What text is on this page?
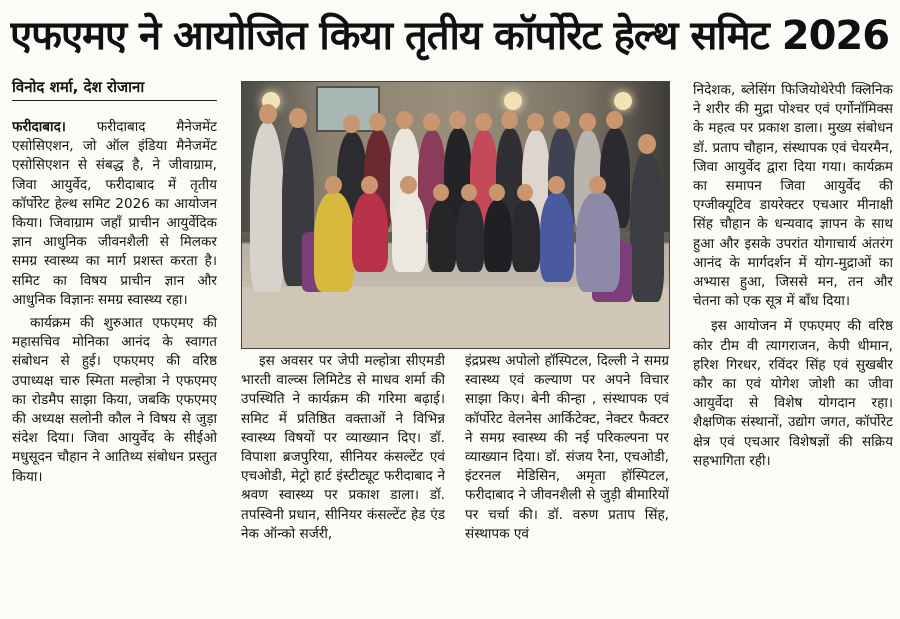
एफएमए ने आयोजित किया तृतीय कॉर्पोरेट हेल्थ समिट 2026
विनोद शर्मा, देश रोजाना

फरीदाबाद। फरीदाबाद मैनेजमेंट एसोसिएशन, जो ऑल इंडिया मैनेजमेंट एसोसिएशन से संबद्ध है, ने जीवाग्राम, जिवा आयुर्वेद, फरीदाबाद में तृतीय कॉर्पोरेट हेल्थ समिट 2026 का आयोजन किया। जिवाग्राम जहाँ प्राचीन आयुर्वेदिक ज्ञान आधुनिक जीवनशैली से मिलकर समग्र स्वास्थ्य का मार्ग प्रशस्त करता है। समिट का विषय प्राचीन ज्ञान और आधुनिक विज्ञानः समग्र स्वास्थ्य रहा।

कार्यक्रम की शुरुआत एफएमए की महासचिव मोनिका आनंद के स्वागत संबोधन से हुई। एफएमए की वरिष्ठ उपाध्यक्ष चारु स्मिता मल्होत्रा ने एफएमए का रोडमैप साझा किया, जबकि एफएमए की अध्यक्ष सलोनी कौल ने विषय से जुड़ा संदेश दिया। जिवा आयुर्वेद के सीईओ मधुसूदन चौहान ने आतिथ्य संबोधन प्रस्तुत किया।

इस अवसर पर जेपी मल्होत्रा सीएमडी भारती वाल्व्स लिमिटेड से माधव शर्मा की उपस्थिति ने कार्यक्रम की गरिमा बढ़ाई। समिट में प्रतिष्ठित वक्ताओं ने विभिन्न स्वास्थ्य विषयों पर व्याख्यान दिए। डॉ. विपाशा ब्रजपुरिया, सीनियर कंसल्टेंट एवं एचओडी, मेट्रो हार्ट इंस्टीट्यूट फरीदाबाद ने श्रवण स्वास्थ्य पर प्रकाश डाला। डॉ. तपस्विनी प्रधान, सीनियर कंसल्टेंट हेड एंड नेक ऑन्को सर्जरी,

इंद्रप्रस्थ अपोलो हॉस्पिटल, दिल्ली ने समग्र स्वास्थ्य एवं कल्याण पर अपने विचार साझा किए। बेनी कीन्हा , संस्थापक एवं कॉर्पोरेट वेलनेस आर्किटेक्ट, नेक्टर फैक्टर ने समग्र स्वास्थ्य की नई परिकल्पना पर व्याख्यान दिया। डॉ. संजय रैना, एचओडी, इंटरनल मेडिसिन, अमृता हॉस्पिटल, फरीदाबाद ने जीवनशैली से जुड़ी बीमारियों पर चर्चा की। डॉ. वरुण प्रताप सिंह, संस्थापक एवं

निदेशक, ब्लेसिंग फिजियोथेरेपी क्लिनिक ने शरीर की मुद्रा पोश्चर एवं एर्गोनॉमिक्स के महत्व पर प्रकाश डाला। मुख्य संबोधन डॉ. प्रताप चौहान, संस्थापक एवं चेयरमैन, जिवा आयुर्वेद द्वारा दिया गया। कार्यक्रम का समापन जिवा आयुर्वेद की एग्जीक्यूटिव डायरेक्टर एचआर मीनाक्षी सिंह चौहान के धन्यवाद ज्ञापन के साथ हुआ और इसके उपरांत योगाचार्य अंतरंग आनंद के मार्गदर्शन में योग-मुद्राओं का अभ्यास हुआ, जिससे मन, तन और चेतना को एक सूत्र में बाँध दिया।

इस आयोजन में एफएमए की वरिष्ठ कोर टीम वी त्यागराजन, केपी धीमान, हरिश गिरधर, रविंदर सिंह एवं सुखबीर कौर का एवं योगेश जोशी का जीवा आयुर्वेदा से विशेष योगदान रहा। शैक्षणिक संस्थानों, उद्योग जगत, कॉर्पोरेट क्षेत्र एवं एचआर विशेषज्ञों की सक्रिय सहभागिता रही।
